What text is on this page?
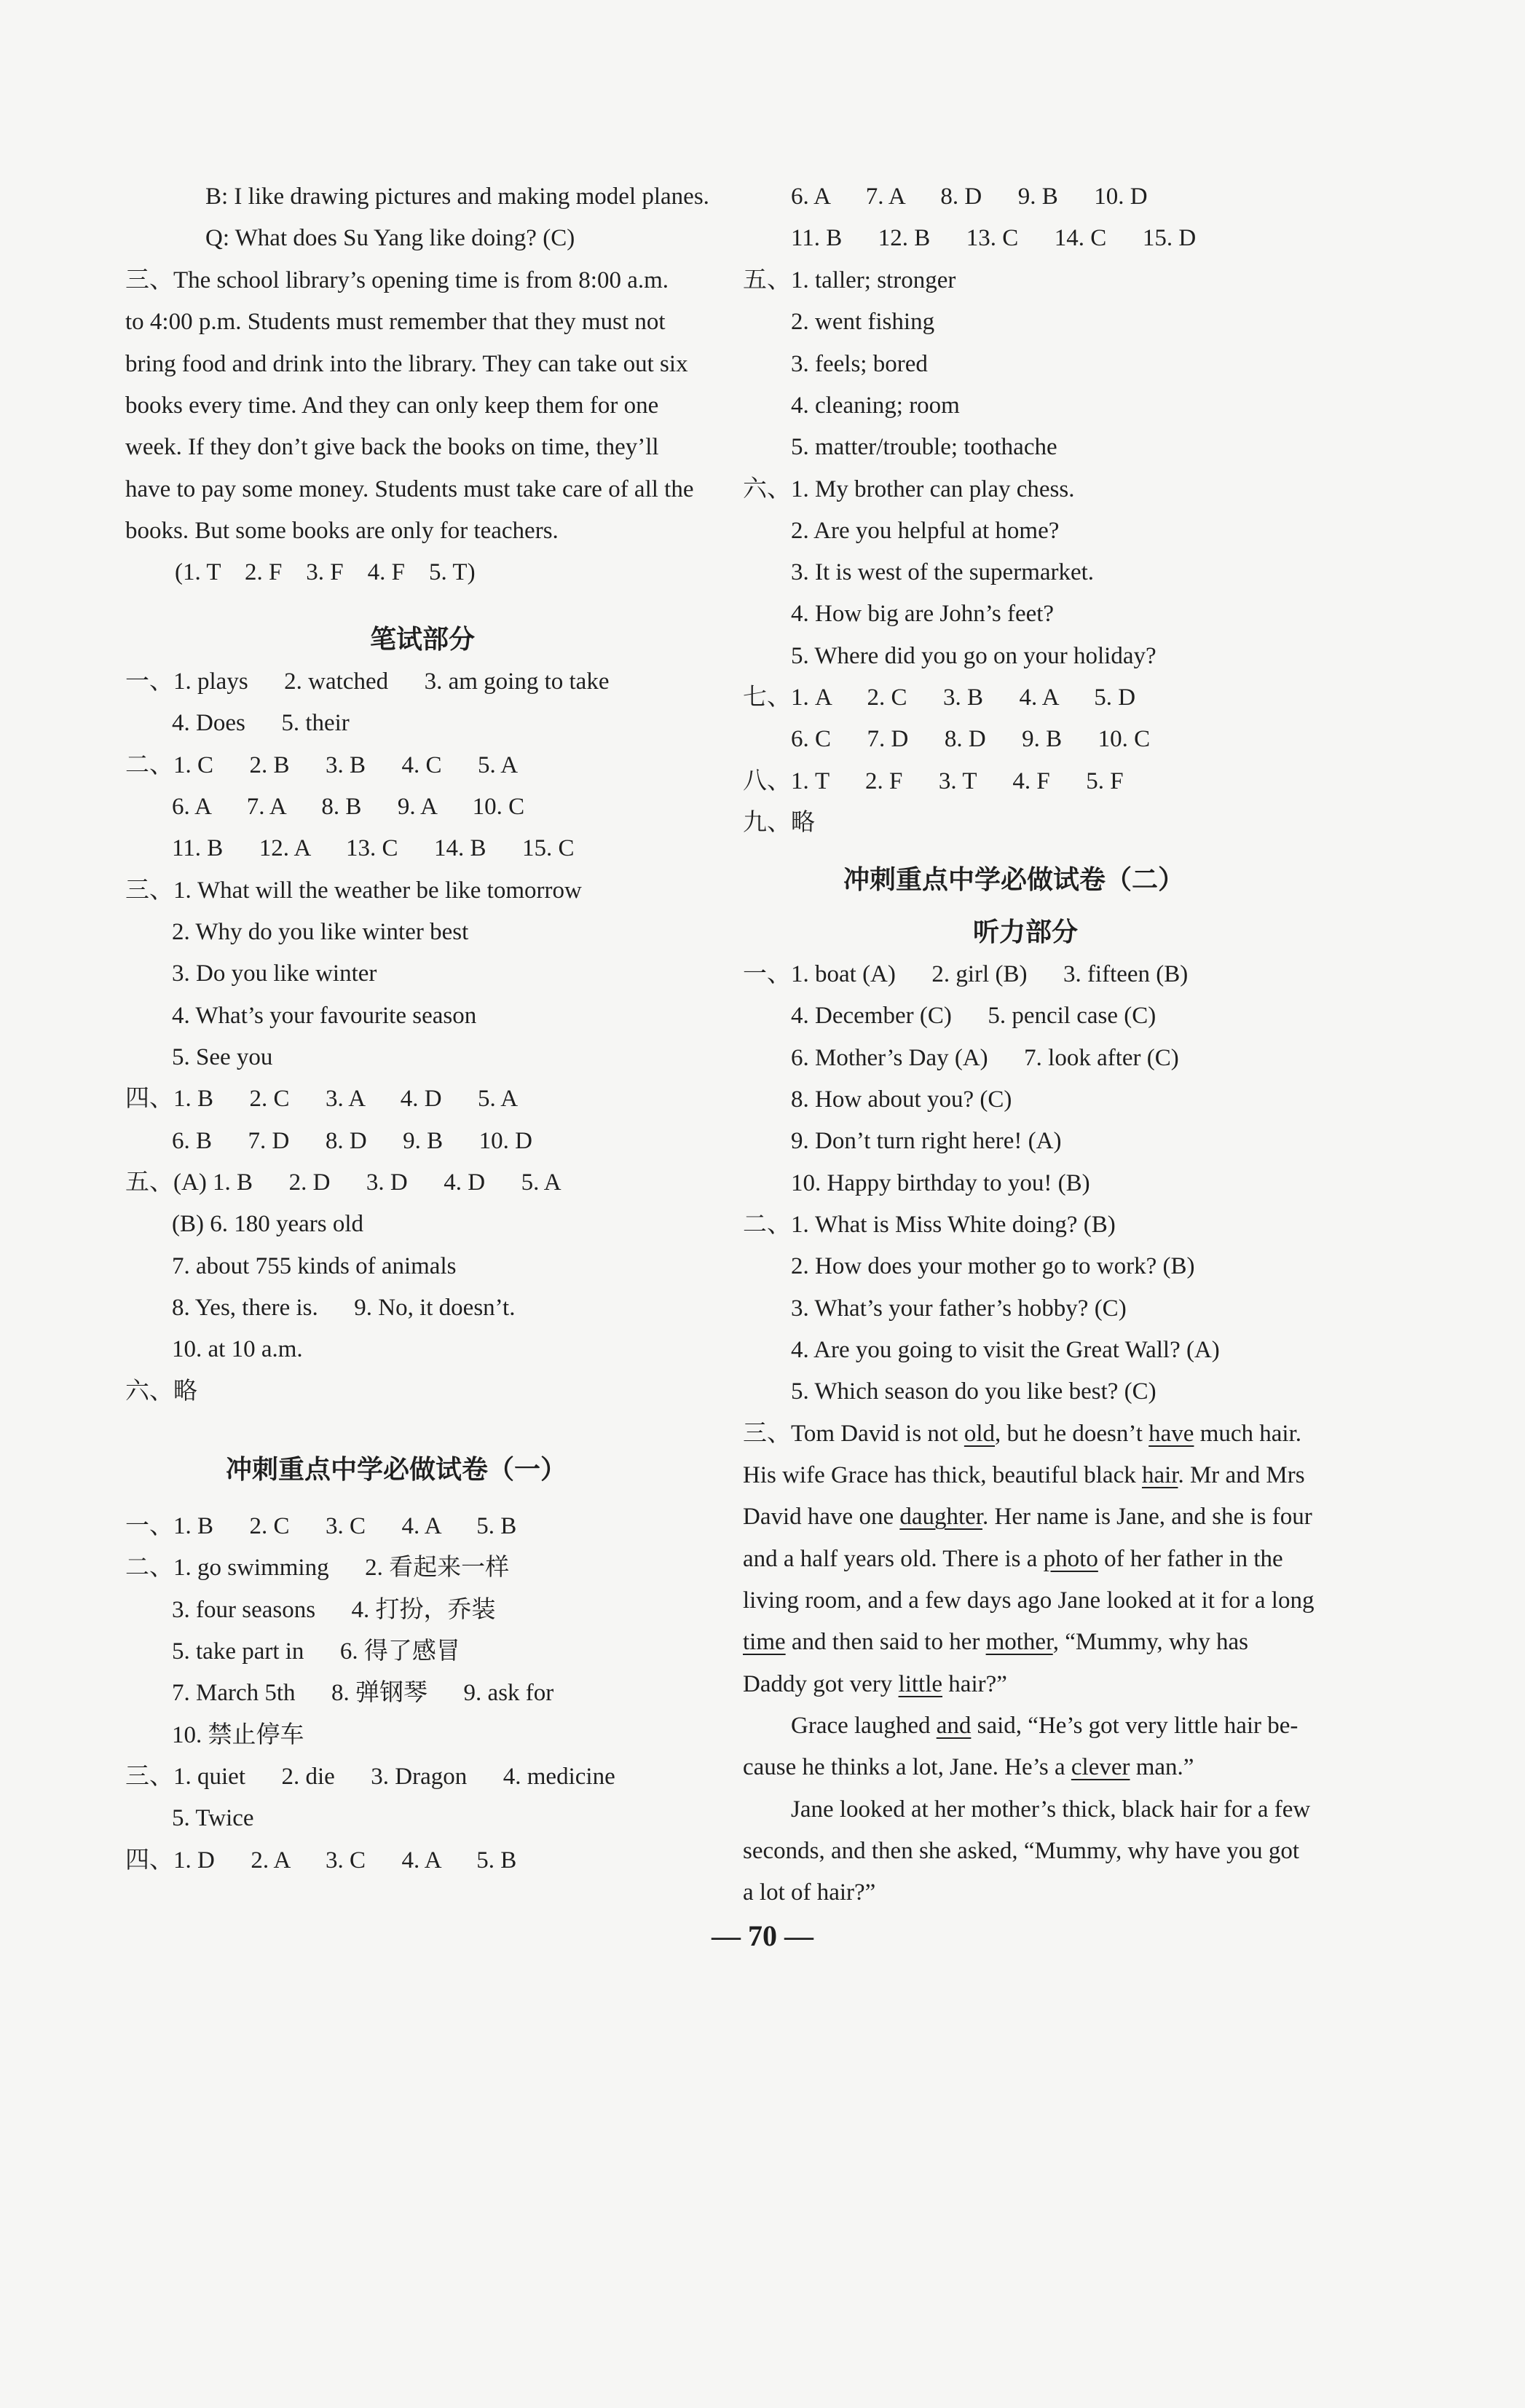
B: I like drawing pictures and making model planes.
Q: What does Su Yang like doing? (C)
三、 The school library’s opening time is from 8:00 a.m.
to 4:00 p.m. Students must remember that they must not
bring food and drink into the library. They can take out six
books every time. And they can only keep them for one
week. If they don’t give back the books on time, they’ll
have to pay some money. Students must take care of all the
books. But some books are only for teachers.
(1. T    2. F    3. F    4. F    5. T)
笔试部分
一、1. plays      2. watched      3. am going to take
4. Does      5. their
二、1. C      2. B      3. B      4. C      5. A
6. A      7. A      8. B      9. A      10. C
11. B      12. A      13. C      14. B      15. C
三、1. What will the weather be like tomorrow
2. Why do you like winter best
3. Do you like winter
4. What’s your favourite season
5. See you
四、1. B      2. C      3. A      4. D      5. A
6. B      7. D      8. D      9. B      10. D
五、(A) 1. B      2. D      3. D      4. D      5. A
(B) 6. 180 years old
7. about 755 kinds of animals
8. Yes, there is.      9. No, it doesn’t.
10. at 10 a.m.
六、略
冲刺重点中学必做试卷（一）
一、1. B      2. C      3. C      4. A      5. B
二、1. go swimming      2. 看起来一样
3. four seasons      4. 打扮，乔装
5. take part in      6. 得了感冒
7. March 5th      8. 弹钢琴      9. ask for
10. 禁止停车
三、1. quiet      2. die      3. Dragon      4. medicine
5. Twice
四、1. D      2. A      3. C      4. A      5. B
6. A      7. A      8. D      9. B      10. D
11. B      12. B      13. C      14. C      15. D
五、1. taller; stronger
2. went fishing
3. feels; bored
4. cleaning; room
5. matter/trouble; toothache
六、1. My brother can play chess.
2. Are you helpful at home?
3. It is west of the supermarket.
4. How big are John’s feet?
5. Where did you go on your holiday?
七、1. A      2. C      3. B      4. A      5. D
6. C      7. D      8. D      9. B      10. C
八、1. T      2. F      3. T      4. F      5. F
九、略
冲刺重点中学必做试卷（二）
听力部分
一、1. boat (A)      2. girl (B)      3. fifteen (B)
4. December (C)      5. pencil case (C)
6. Mother’s Day (A)      7. look after (C)
8. How about you? (C)
9. Don’t turn right here! (A)
10. Happy birthday to you! (B)
二、1. What is Miss White doing? (B)
2. How does your mother go to work? (B)
3. What’s your father’s hobby? (C)
4. Are you going to visit the Great Wall? (A)
5. Which season do you like best? (C)
三、Tom David is not old, but he doesn’t have much hair.
His wife Grace has thick, beautiful black hair. Mr and Mrs
David have one daughter. Her name is Jane, and she is four
and a half years old. There is a photo of her father in the
living room, and a few days ago Jane looked at it for a long
time and then said to her mother, “Mummy, why has
Daddy got very little hair?”
Grace laughed and said, “He’s got very little hair be-
cause he thinks a lot, Jane. He’s a clever man.”
Jane looked at her mother’s thick, black hair for a few
seconds, and then she asked, “Mummy, why have you got
a lot of hair?”
— 70 —
